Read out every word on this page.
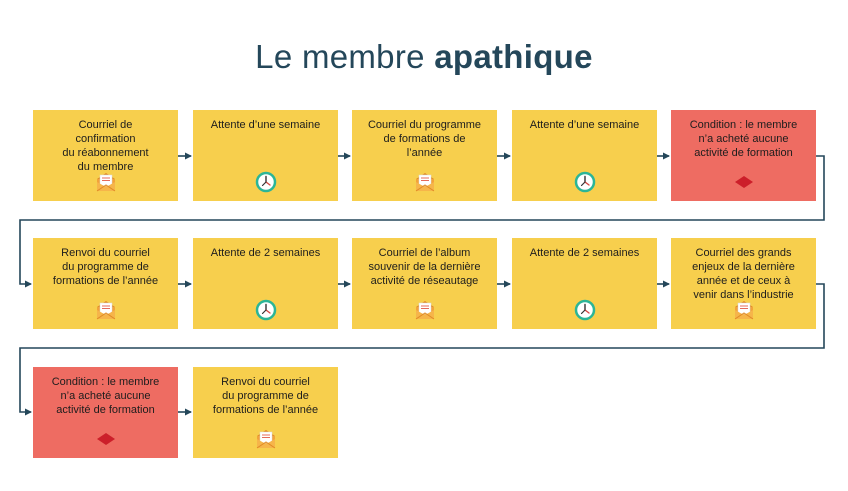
Le membre apathique
Courriel de
confirmation
du réabonnement
du membre
Attente d’une semaine	Courriel du programme
de formations de
l’année
Attente d’une semaine	Condition : le membre
n’a acheté aucune
activité de formation
Renvoi du courriel
du programme de
formations de l’année
Attente de 2 semaines	Courriel de l’album
souvenir de la dernière
activité de réseautage
Attente de 2 semaines	Courriel des grands
enjeux de la dernière
année et de ceux à
venir dans l’industrie
Condition : le membre
n’a acheté aucune
activité de formation
Renvoi du courriel
du programme de
formations de l’année
